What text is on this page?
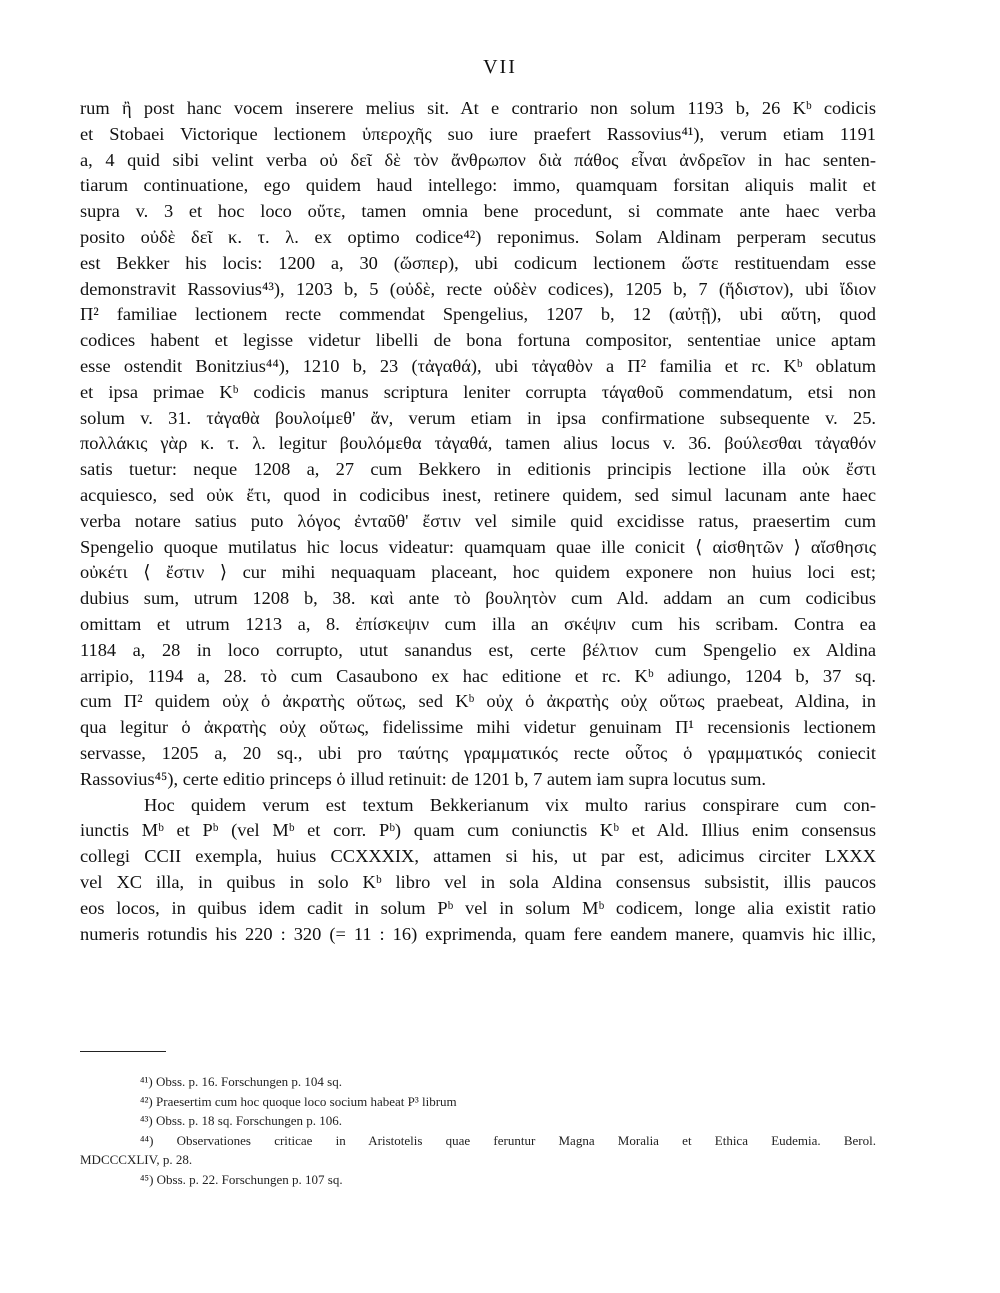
VII
rum ἢ post hanc vocem inserere melius sit. At e contrario non solum 1193 b, 26 Kᵇ codicis
et Stobaei Victorique lectionem ὑπεροχῆς suo iure praefert Rassovius⁴¹), verum etiam 1191
a, 4 quid sibi velint verba οὐ δεῖ δὲ τὸν ἄνθρωπον διὰ πάθος εἶναι ἀνδρεῖον in hac senten-
tiarum continuatione, ego quidem haud intellego: immo, quamquam forsitan aliquis malit et
supra v. 3 et hoc loco οὔτε, tamen omnia bene procedunt, si commate ante haec verba
posito οὐδὲ δεῖ κ. τ. λ. ex optimo codice⁴²) reponimus. Solam Aldinam perperam secutus
est Bekker his locis: 1200 a, 30 (ὥσπερ), ubi codicum lectionem ὥστε restituendam esse
demonstravit Rassovius⁴³), 1203 b, 5 (οὐδὲ, recte οὐδὲν codices), 1205 b, 7 (ἥδιστον), ubi ἴδιον
Π² familiae lectionem recte commendat Spengelius, 1207 b, 12 (αὐτῇ), ubi αὕτη, quod
codices habent et legisse videtur libelli de bona fortuna compositor, sententiae unice aptam
esse ostendit Bonitzius⁴⁴), 1210 b, 23 (τἀγαθά), ubi τἀγαθὸν a Π² familia et rc. Kᵇ oblatum
et ipsa primae Kᵇ codicis manus scriptura leniter corrupta τάγαθοῦ commendatum, etsi non
solum v. 31. τἀγαθὰ βουλοίμεθ' ἄν, verum etiam in ipsa confirmatione subsequente v. 25.
πολλάκις γὰρ κ. τ. λ. legitur βουλόμεθα τἀγαθά, tamen alius locus v. 36. βούλεσθαι τἀγαθόν
satis tuetur: neque 1208 a, 27 cum Bekkero in editionis principis lectione illa οὐκ ἔστι
acquiesco, sed οὐκ ἔτι, quod in codicibus inest, retinere quidem, sed simul lacunam ante haec
verba notare satius puto λόγος ἐνταῦθ' ἔστιν vel simile quid excidisse ratus, praesertim cum
Spengelio quoque mutilatus hic locus videatur: quamquam quae ille conicit ⟨ αἰσθητῶν ⟩ αἴσθησις
οὐκέτι ⟨ ἔστιν ⟩ cur mihi nequaquam placeant, hoc quidem exponere non huius loci est;
dubius sum, utrum 1208 b, 38. καὶ ante τὸ βουλητὸν cum Ald. addam an cum codicibus
omittam et utrum 1213 a, 8. ἐπίσκεψιν cum illa an σκέψιν cum his scribam. Contra ea
1184 a, 28 in loco corrupto, utut sanandus est, certe βέλτιον cum Spengelio ex Aldina
arripio, 1194 a, 28. τὸ cum Casaubono ex hac editione et rc. Kᵇ adiungo, 1204 b, 37 sq.
cum Π² quidem οὐχ ὁ ἀκρατὴς οὕτως, sed Kᵇ οὐχ ὁ ἀκρατὴς οὐχ οὕτως praebeat, Aldina, in
qua legitur ὁ ἀκρατὴς οὐχ οὕτως, fidelissime mihi videtur genuinam Π¹ recensionis lectionem
servasse, 1205 a, 20 sq., ubi pro ταύτης γραμματικός recte οὗτος ὁ γραμματικός coniecit
Rassovius⁴⁵), certe editio princeps ὁ illud retinuit: de 1201 b, 7 autem iam supra locutus sum.
Hoc quidem verum est textum Bekkerianum vix multo rarius conspirare cum con-
iunctis Mᵇ et Pᵇ (vel Mᵇ et corr. Pᵇ) quam cum coniunctis Kᵇ et Ald. Illius enim consensus
collegi CCII exempla, huius CCXXXIX, attamen si his, ut par est, adicimus circiter LXXX
vel XC illa, in quibus in solo Kᵇ libro vel in sola Aldina consensus subsistit, illis paucos
eos locos, in quibus idem cadit in solum Pᵇ vel in solum Mᵇ codicem, longe alia existit ratio
numeris rotundis his 220 : 320 (= 11 : 16) exprimenda, quam fere eandem manere, quamvis hic illic,
⁴¹) Obss. p. 16. Forschungen p. 104 sq.
⁴²) Praesertim cum hoc quoque loco socium habeat P³ librum
⁴³) Obss. p. 18 sq. Forschungen p. 106.
⁴⁴) Observationes criticae in Aristotelis quae feruntur Magna Moralia et Ethica Eudemia. Berol.
MDCCCXLIV, p. 28.
⁴⁵) Obss. p. 22. Forschungen p. 107 sq.
